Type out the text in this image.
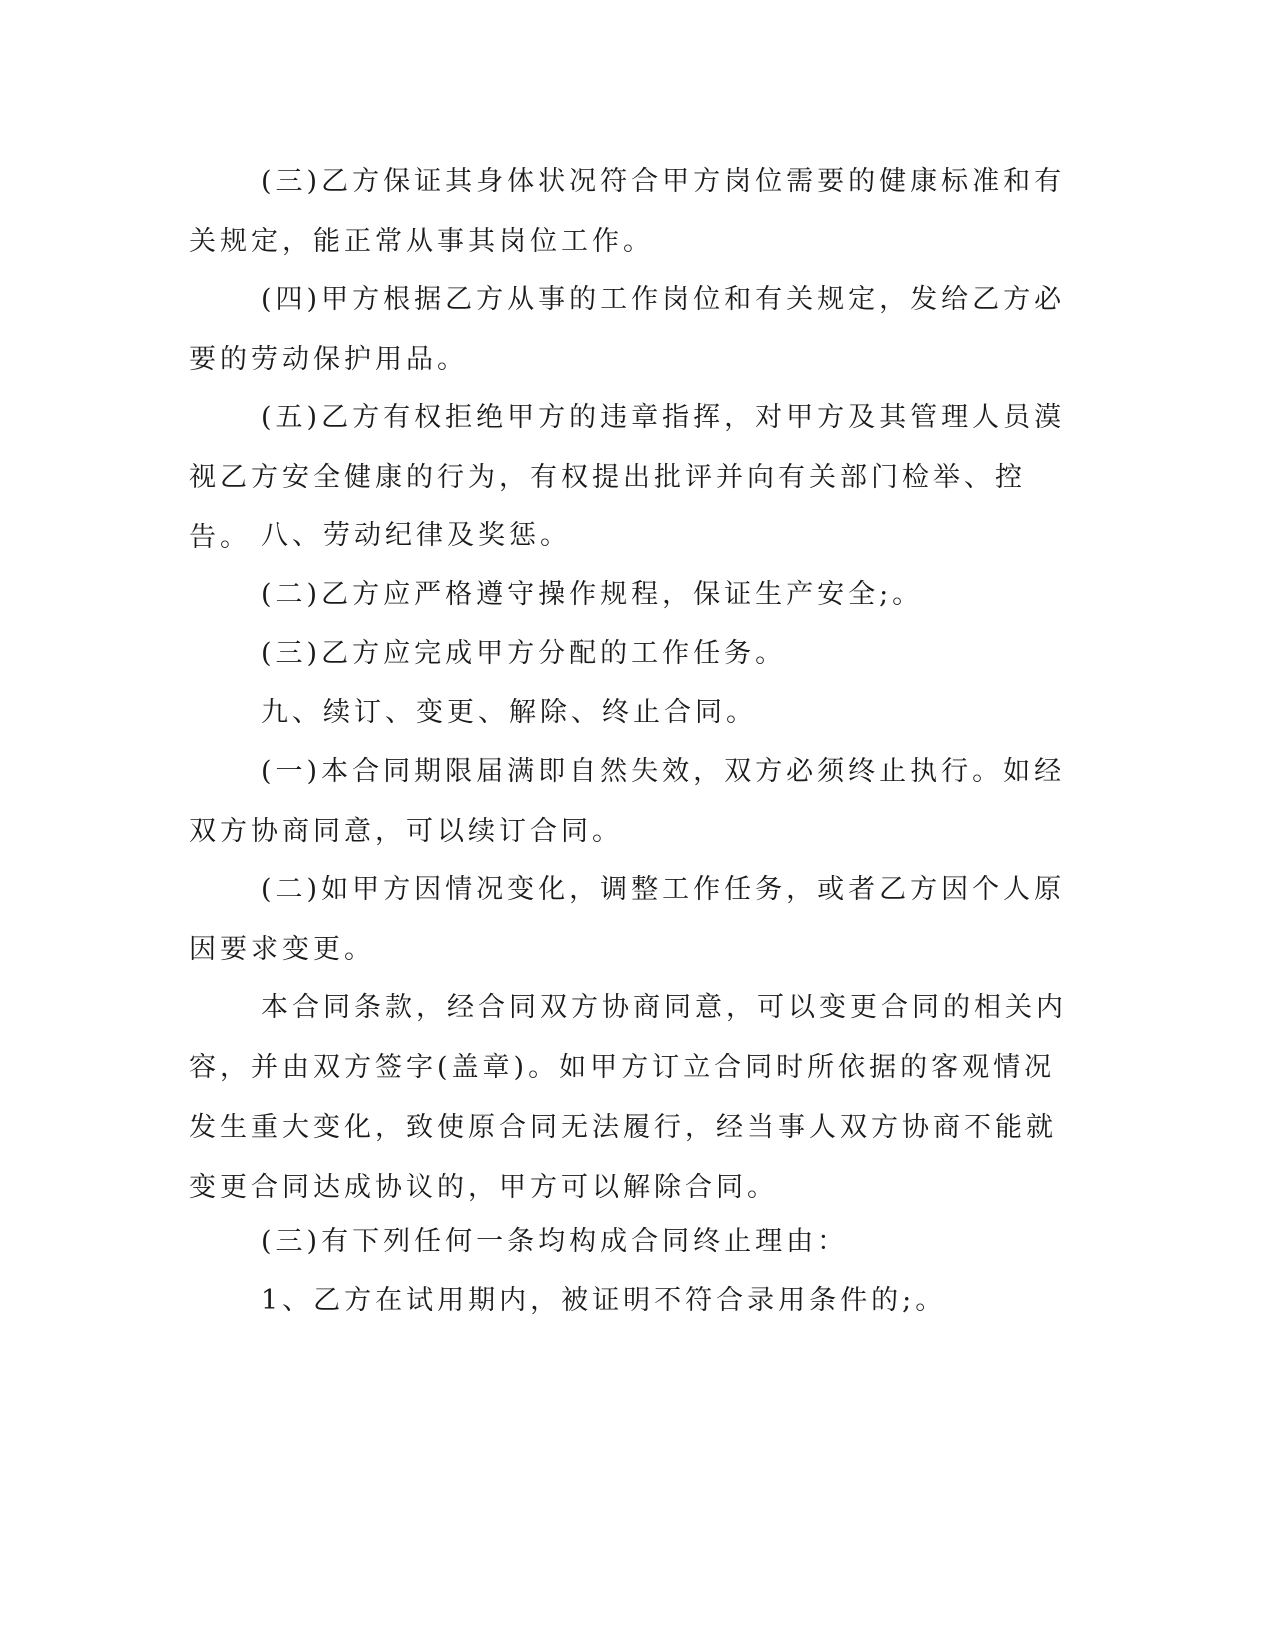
(三)乙方保证其身体状况符合甲方岗位需要的健康标准和有关规定，能正常从事其岗位工作。

(四)甲方根据乙方从事的工作岗位和有关规定，发给乙方必要的劳动保护用品。

(五)乙方有权拒绝甲方的违章指挥，对甲方及其管理人员漠视乙方安全健康的行为，有权提出批评并向有关部门检举、控告。 八、劳动纪律及奖惩。

(二)乙方应严格遵守操作规程，保证生产安全;。

(三)乙方应完成甲方分配的工作任务。

九、续订、变更、解除、终止合同。

(一)本合同期限届满即自然失效，双方必须终止执行。如经双方协商同意，可以续订合同。

(二)如甲方因情况变化，调整工作任务，或者乙方因个人原因要求变更。

本合同条款，经合同双方协商同意，可以变更合同的相关内容，并由双方签字(盖章)。如甲方订立合同时所依据的客观情况发生重大变化，致使原合同无法履行，经当事人双方协商不能就变更合同达成协议的，甲方可以解除合同。

(三)有下列任何一条均构成合同终止理由：

1、乙方在试用期内，被证明不符合录用条件的;。
